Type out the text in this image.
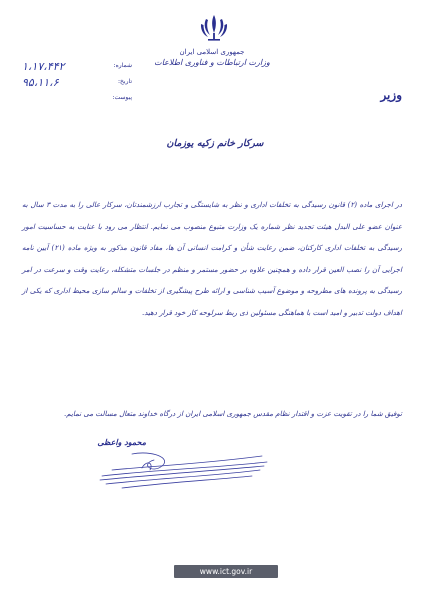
جمهوری اسلامی ایران
وزارت ارتباطات و فناوری اطلاعات
وزیر
شماره:
۱،۱۷،۴۴۲
تاریخ:
۹۵،۱۱،۶
پیوست:
سرکار خانم زکیه یوزمان
در اجرای ماده (۲) قانون رسیدگی به تخلفات اداری و نظر به شایستگی و تجارب ارزشمندتان، سرکار عالی را به مدت ۳ سال به عنوان عضو علی البدل هیئت تجدید نظر شماره یک وزارت متبوع منصوب می نمایم. انتظار می رود با عنایت به حساسیت امور رسیدگی به تخلفات اداری کارکنان، ضمن رعایت شأن و کرامت انسانی آن ها، مفاد قانون مذکور به ویژه ماده (۲۱) آیین نامه اجرایی آن را نصب العین قرار داده و همچنین علاوه بر حضور مستمر و منظم در جلسات متشکله، رعایت وقت و سرعت در امر رسیدگی به پرونده های مطروحه و موضوع آسیب شناسی و ارائه طرح پیشگیری از تخلفات و سالم سازی محیط اداری که یکی از اهداف دولت تدبیر و امید است با هماهنگی مسئولین ذی ربط سرلوحه کار خود قرار دهید.
توفیق شما را در تقویت عزت و اقتدار نظام مقدس جمهوری اسلامی ایران از درگاه خداوند متعال مسالت می نمایم.
محمود واعظی
www.ict.gov.ir
